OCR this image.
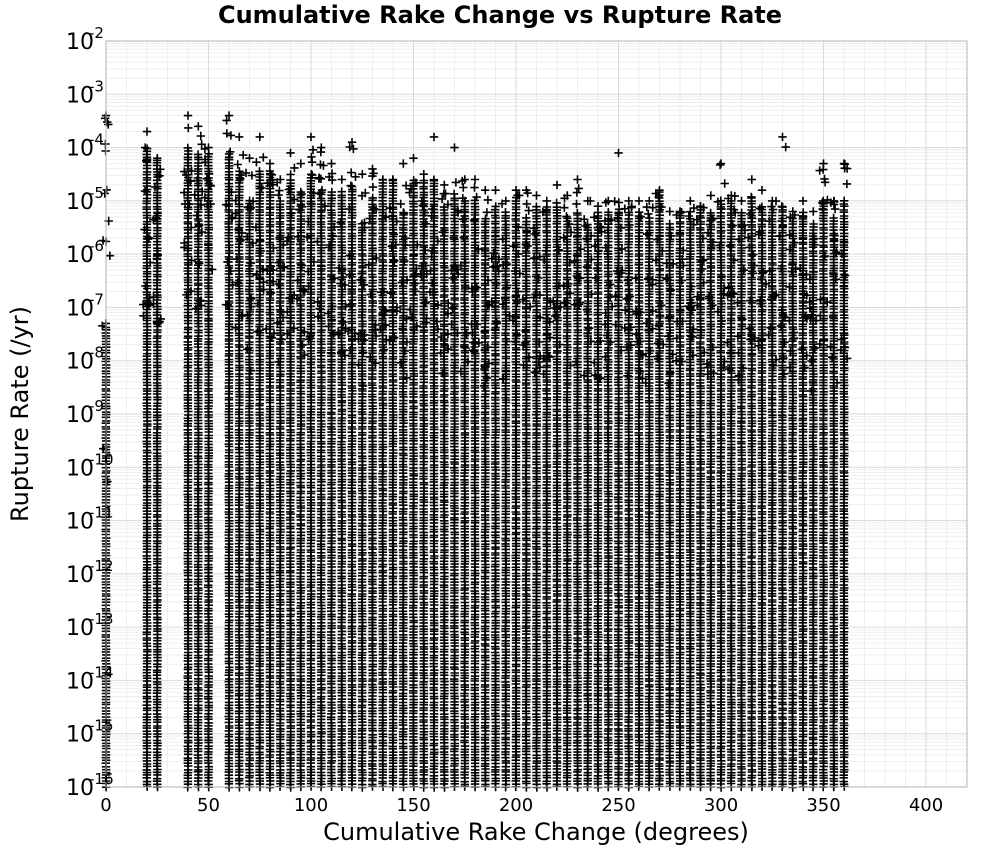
Cumulative Rake Change vs Rupture Rate
0	50	100	150	200	250	300	350	400
10
-16
10
-15
10
-14
10
-13
10
-12
10
-11
10
-10
10
-9
10
-8
10
-7
10
-6
10
-5
10
-4
10
-3
10
-2
Cumulative Rake Change (degrees)
Rupture Rate (/yr)
